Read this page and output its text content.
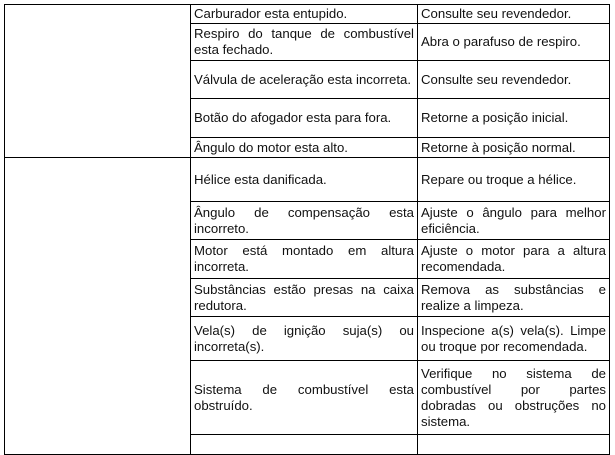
	Carburador esta entupido.	Consulte seu revendedor.
	Respiro do tanque de combustível esta fechado.	Abra o parafuso de respiro.
	Válvula de aceleração esta incorreta.	Consulte seu revendedor.
	Botão do afogador esta para fora.	Retorne a posição inicial.
	Ângulo do motor esta alto.	Retorne à posição normal.
	Hélice esta danificada.	Repare ou troque a hélice.
	Ângulo de compensação esta incorreto.	Ajuste o ângulo para melhor eficiência.
	Motor está montado em altura incorreta.	Ajuste o motor para a altura recomendada.
	Substâncias estão presas na caixa redutora.	Remova as substâncias e realize a limpeza.
	Vela(s) de ignição suja(s) ou incorreta(s).	Inspecione a(s) vela(s). Limpe ou troque por recomendada.
	Sistema de combustível esta obstruído.	Verifique no sistema de combustível por partes dobradas ou obstruções no sistema.
